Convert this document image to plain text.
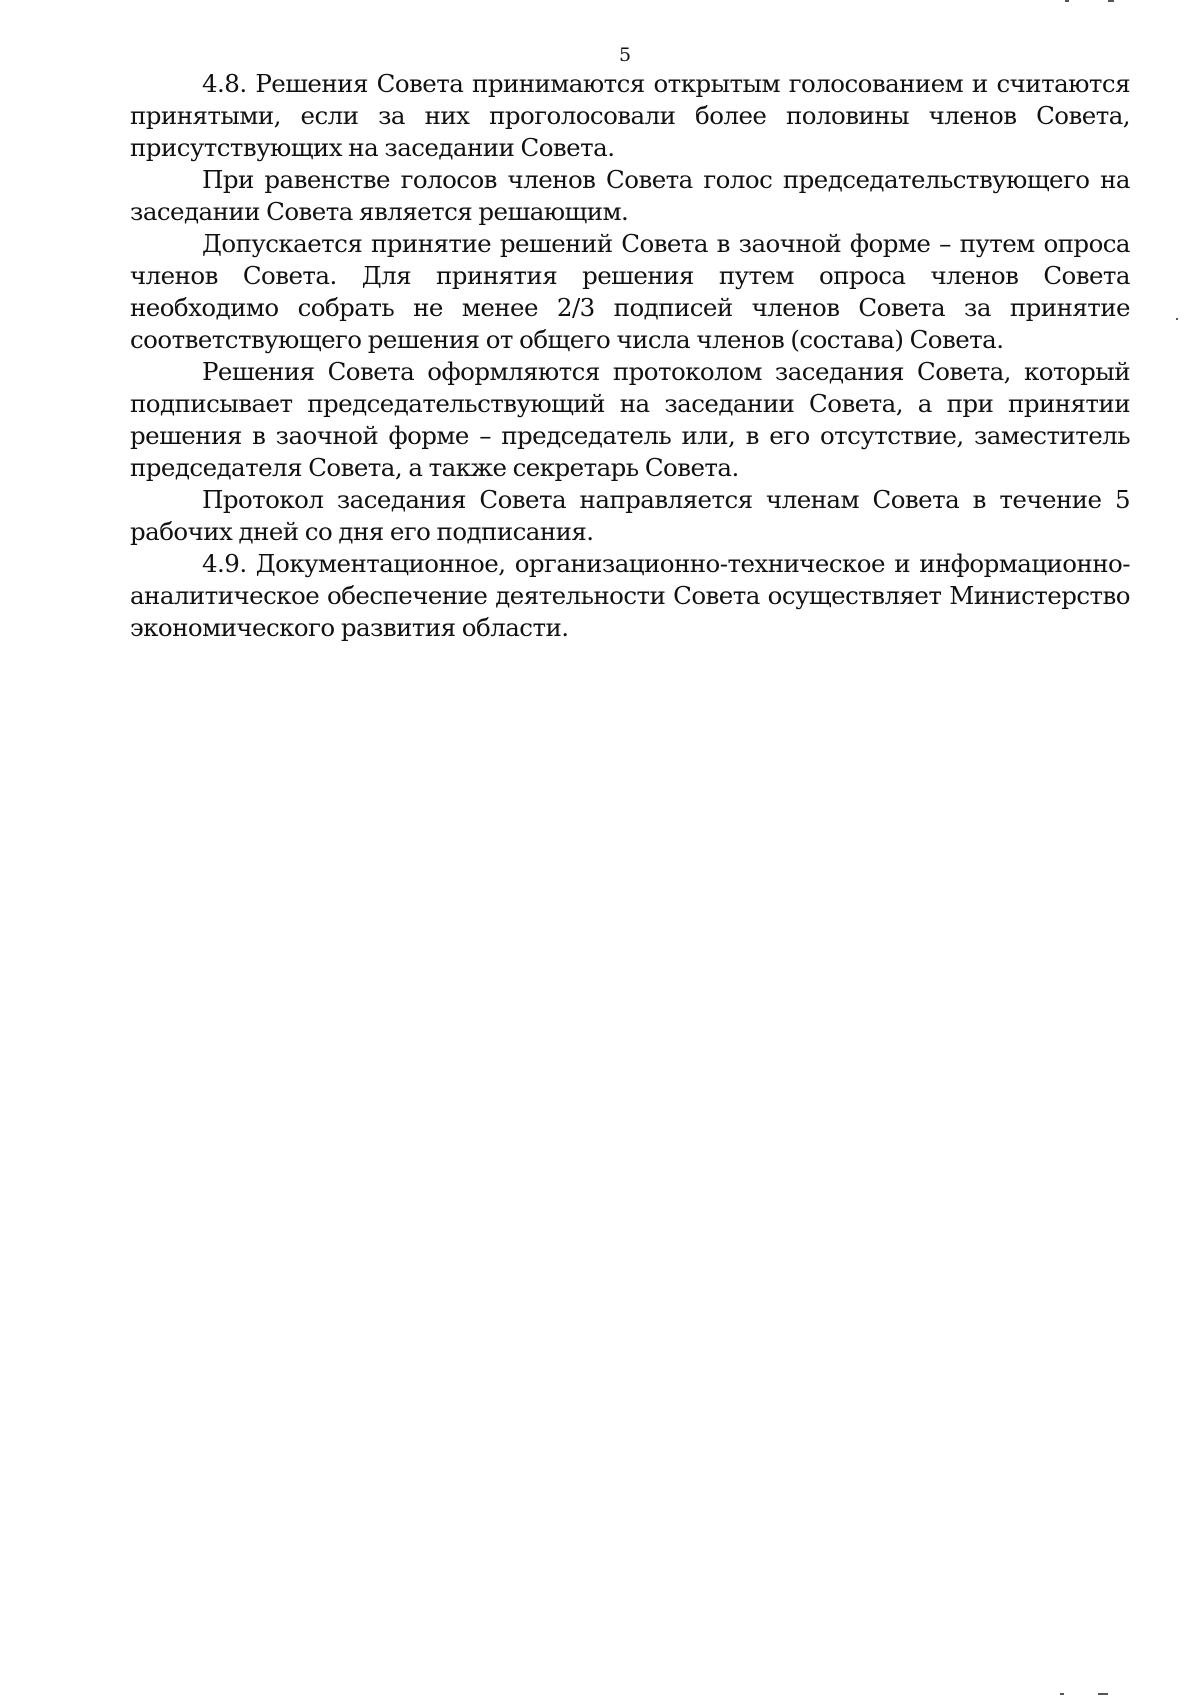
5

4.8. Решения Совета принимаются открытым голосованием и считаются принятыми, если за них проголосовали более половины членов Совета, присутствующих на заседании Совета.

При равенстве голосов членов Совета голос председательствующего на заседании Совета является решающим.

Допускается принятие решений Совета в заочной форме – путем опроса членов Совета. Для принятия решения путем опроса членов Совета необходимо собрать не менее 2/3 подписей членов Совета за принятие соответствующего решения от общего числа членов (состава) Совета.

Решения Совета оформляются протоколом заседания Совета, который подписывает председательствующий на заседании Совета, а при принятии решения в заочной форме – председатель или, в его отсутствие, заместитель председателя Совета, а также секретарь Совета.

Протокол заседания Совета направляется членам Совета в течение 5 рабочих дней со дня его подписания.

4.9. Документационное, организационно-техническое и информационно-аналитическое обеспечение деятельности Совета осуществляет Министерство экономического развития области.
